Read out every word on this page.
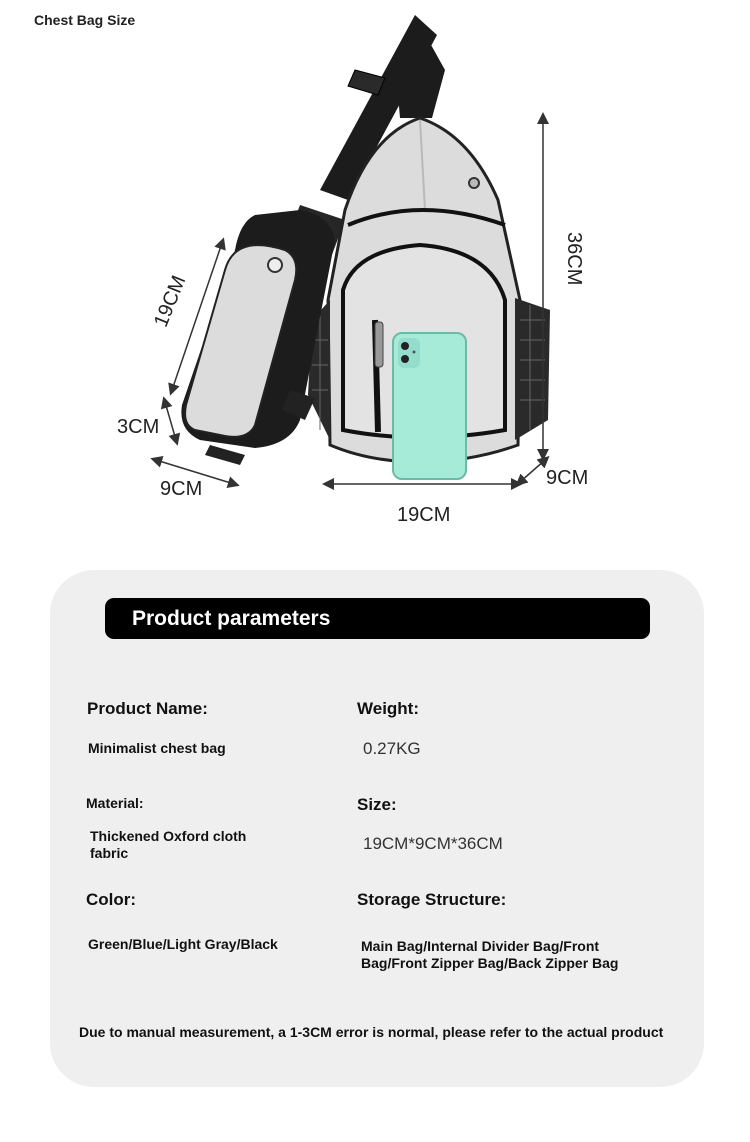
Chest Bag Size
36CM
19CM
9CM
19CM
3CM
9CM
Product parameters
Product Name:
Minimalist chest bag
Weight:
0.27KG
Material:
Thickened Oxford cloth
fabric
Size:
19CM*9CM*36CM
Color:
Green/Blue/Light Gray/Black
Storage Structure:
Main Bag/Internal Divider Bag/Front
Bag/Front Zipper Bag/Back Zipper Bag
Due to manual measurement, a 1-3CM error is normal, please refer to the actual product
